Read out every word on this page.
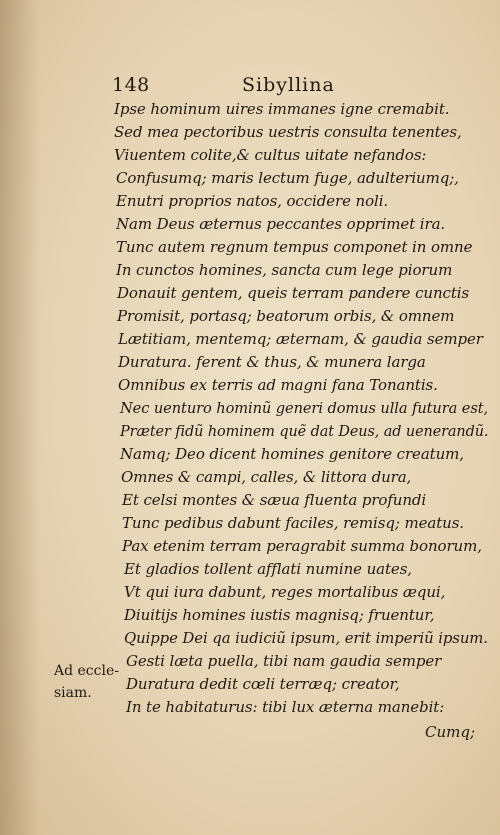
148	Sibyllina
Ipse hominum uires immanes igne cremabit.
Sed mea pectoribus uestris consulta tenentes,
Viuentem colite,& cultus uitate nefandos:
Confusumq; maris lectum fuge, adulteriumq;,
Enutri proprios natos, occidere noli.
Nam Deus æternus peccantes opprimet ira.
Tunc autem regnum tempus componet in omne
In cunctos homines, sancta cum lege piorum
Donauit gentem, queis terram pandere cunctis
Promisit, portasq; beatorum orbis, & omnem
Lætitiam, mentemq; æternam, & gaudia semper
Duratura. ferent & thus, & munera larga
Omnibus ex terris ad magni fana Tonantis.
Nec uenturo hominũ generi domus ulla futura est,
Præter fidũ hominem quẽ dat Deus, ad uenerandũ.
Namq; Deo dicent homines genitore creatum,
Omnes & campi, calles, & littora dura,
Et celsi montes & sæua fluenta profundi
Tunc pedibus dabunt faciles, remisq; meatus.
Pax etenim terram peragrabit summa bonorum,
Et gladios tollent afflati numine uates,
Vt qui iura dabunt, reges mortalibus æqui,
Diuitijs homines iustis magnisq; fruentur,
Quippe Dei qa iudiciũ ipsum, erit imperiũ ipsum.
Gesti læta puella, tibi nam gaudia semper
Duratura dedit cœli terræq; creator,
In te habitaturus: tibi lux æterna manebit:
Ad eccle-
siam.
Cumq;
